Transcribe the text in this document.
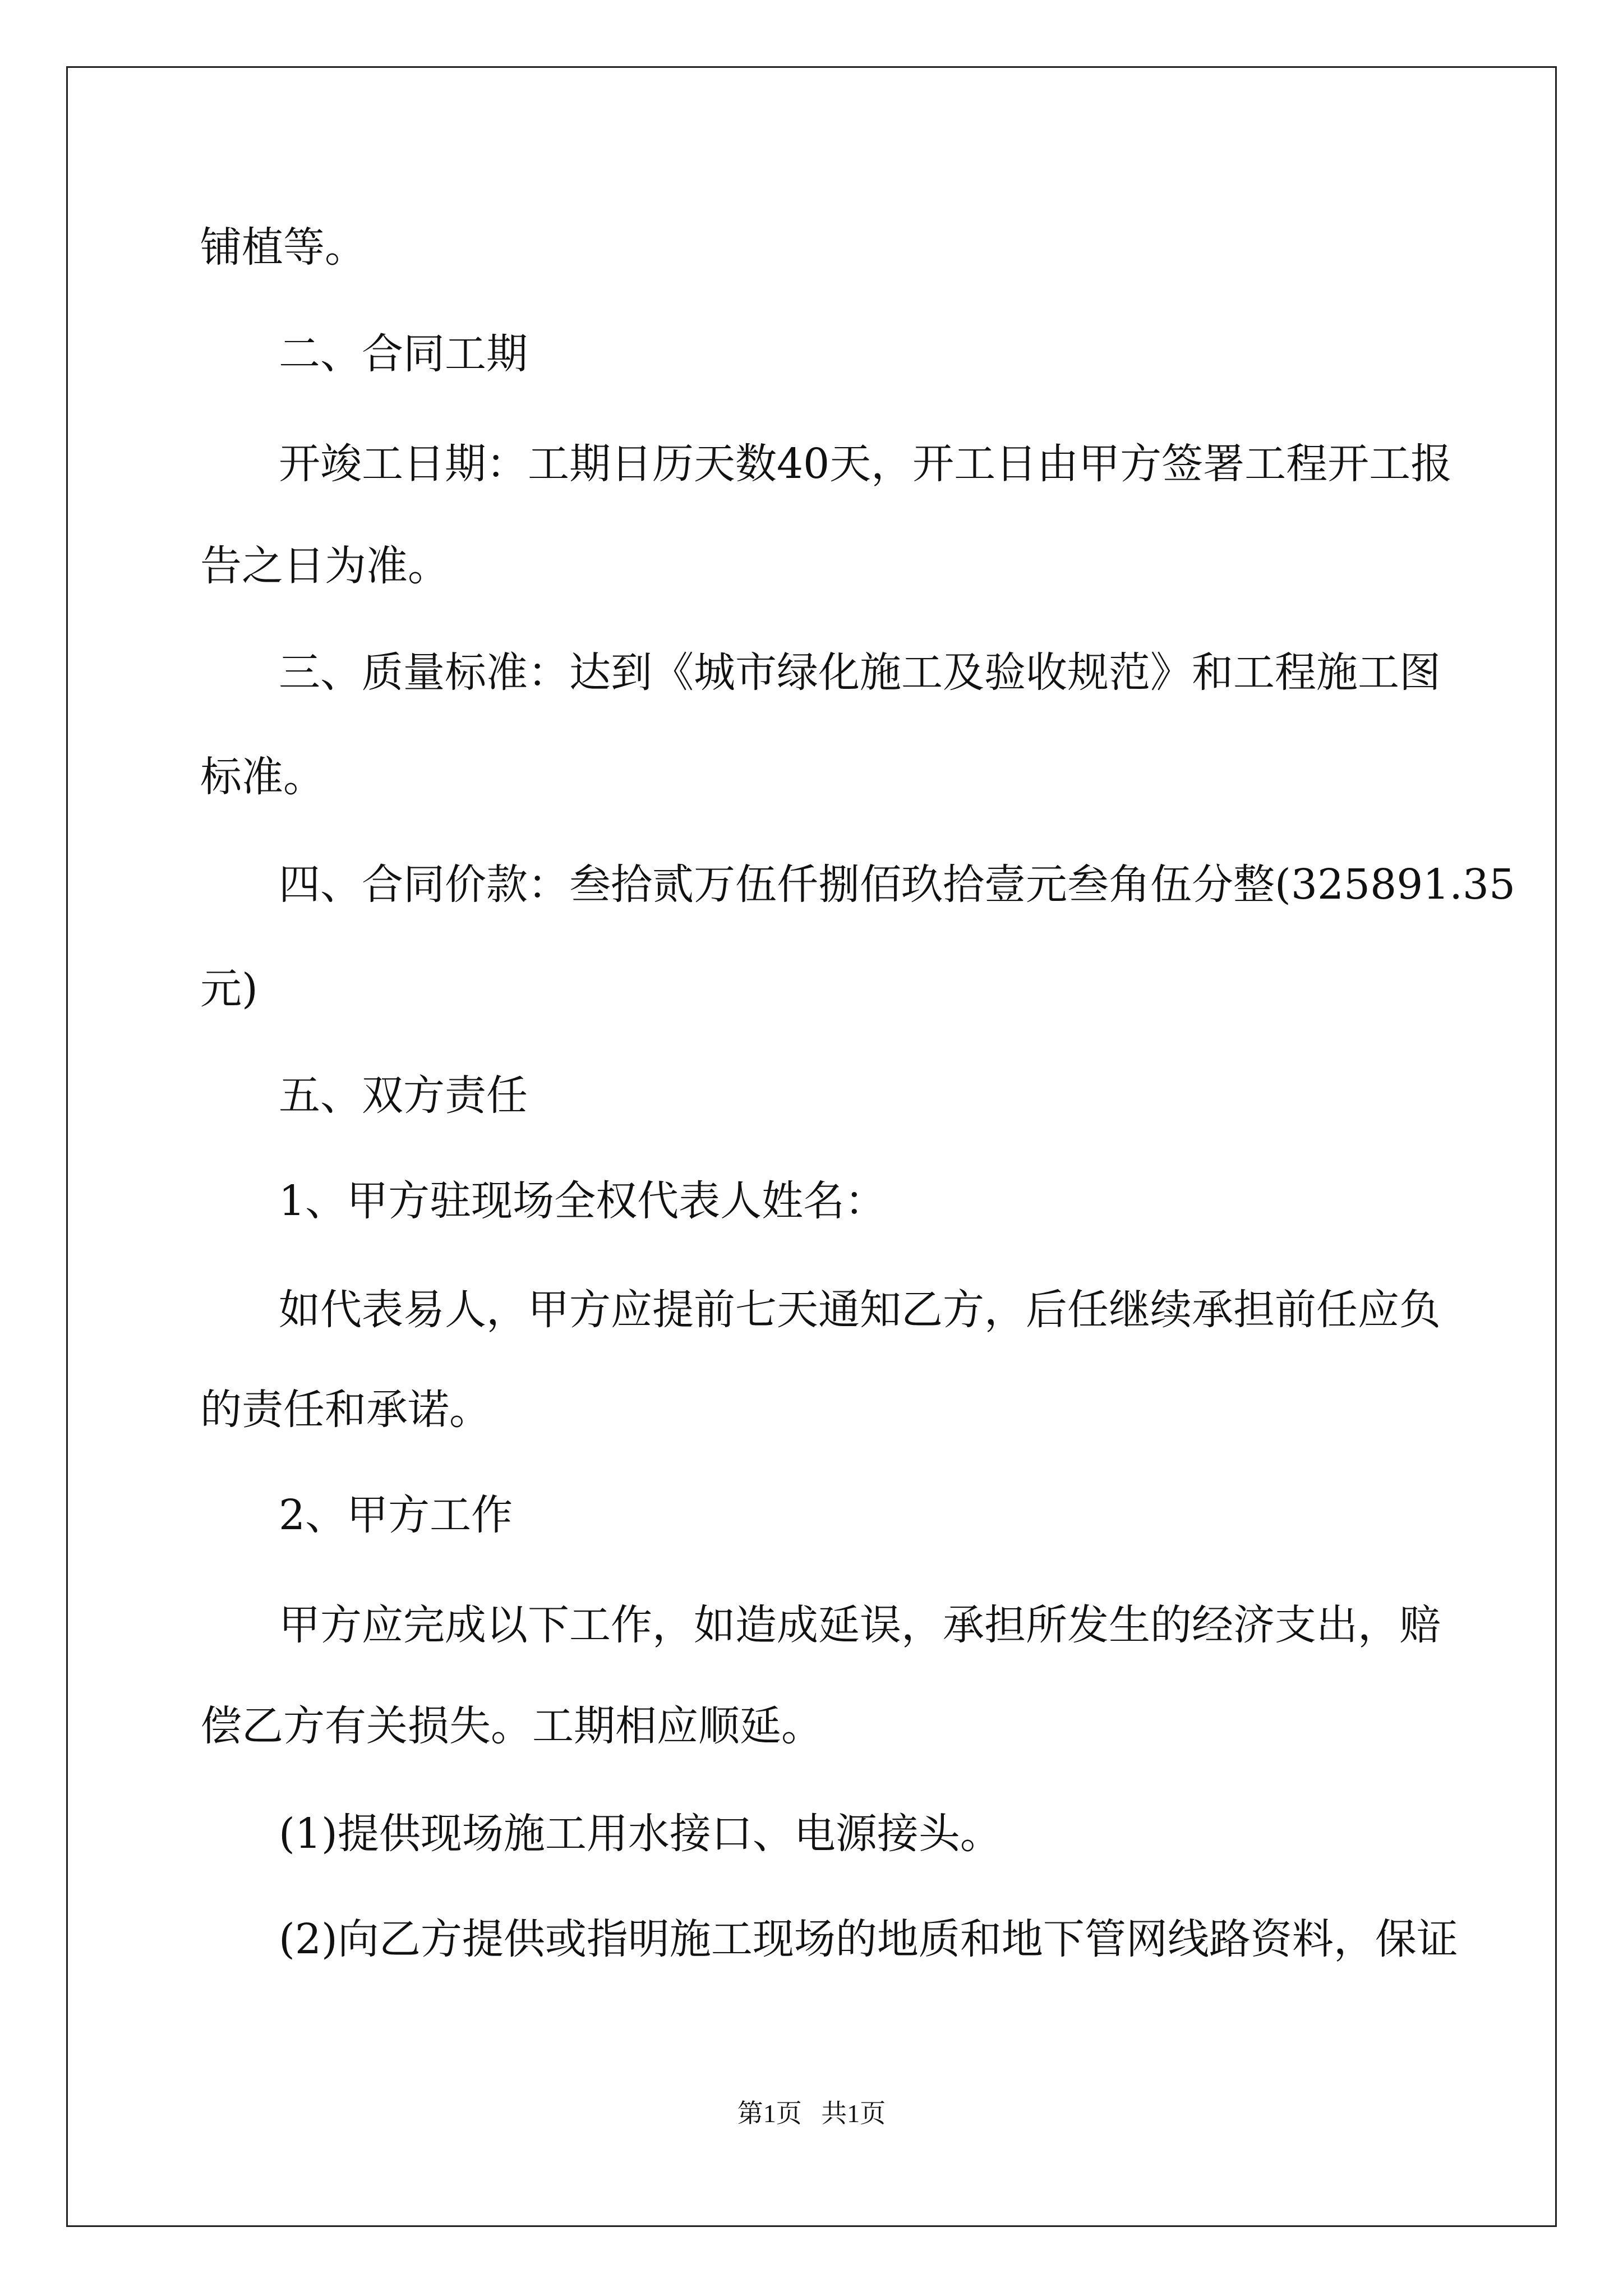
铺植等。
二、合同工期
开竣工日期：工期日历天数40天，开工日由甲方签署工程开工报
告之日为准。
三、质量标准：达到《城市绿化施工及验收规范》和工程施工图
标准。
四、合同价款：叁拾贰万伍仟捌佰玖拾壹元叁角伍分整(325891.35
元)
五、双方责任
1、甲方驻现场全权代表人姓名：
如代表易人，甲方应提前七天通知乙方，后任继续承担前任应负
的责任和承诺。
2、甲方工作
甲方应完成以下工作，如造成延误，承担所发生的经济支出，赔
偿乙方有关损失。工期相应顺延。
(1)提供现场施工用水接口、电源接头。
(2)向乙方提供或指明施工现场的地质和地下管网线路资料，保证
第1页   共1页
